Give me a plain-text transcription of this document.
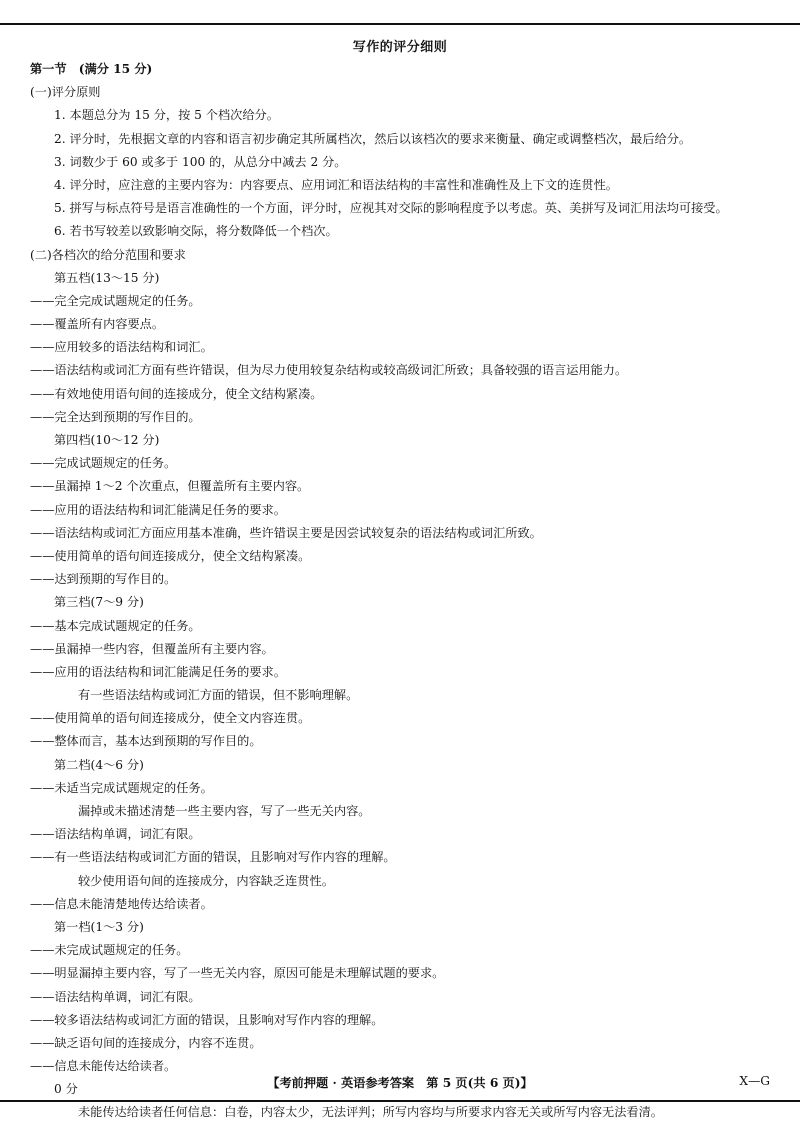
写作的评分细则
第一节　(满分 15 分)
(一)评分原则
1. 本题总分为 15 分，按 5 个档次给分。
2. 评分时，先根据文章的内容和语言初步确定其所属档次，然后以该档次的要求来衡量、确定或调整档次，最后给分。
3. 词数少于 60 或多于 100 的，从总分中减去 2 分。
4. 评分时，应注意的主要内容为：内容要点、应用词汇和语法结构的丰富性和准确性及上下文的连贯性。
5. 拼写与标点符号是语言准确性的一个方面，评分时，应视其对交际的影响程度予以考虑。英、美拼写及词汇用法均可接受。
6. 若书写较差以致影响交际，将分数降低一个档次。
(二)各档次的给分范围和要求
第五档(13～15 分)
——完全完成试题规定的任务。
——覆盖所有内容要点。
——应用较多的语法结构和词汇。
——语法结构或词汇方面有些许错误，但为尽力使用较复杂结构或较高级词汇所致；具备较强的语言运用能力。
——有效地使用语句间的连接成分，使全文结构紧凑。
——完全达到预期的写作目的。
第四档(10～12 分)
——完成试题规定的任务。
——虽漏掉 1～2 个次重点，但覆盖所有主要内容。
——应用的语法结构和词汇能满足任务的要求。
——语法结构或词汇方面应用基本准确，些许错误主要是因尝试较复杂的语法结构或词汇所致。
——使用简单的语句间连接成分，使全文结构紧凑。
——达到预期的写作目的。
第三档(7～9 分)
——基本完成试题规定的任务。
——虽漏掉一些内容，但覆盖所有主要内容。
——应用的语法结构和词汇能满足任务的要求。
有一些语法结构或词汇方面的错误，但不影响理解。
——使用简单的语句间连接成分，使全文内容连贯。
——整体而言，基本达到预期的写作目的。
第二档(4～6 分)
——未适当完成试题规定的任务。
漏掉或未描述清楚一些主要内容，写了一些无关内容。
——语法结构单调，词汇有限。
——有一些语法结构或词汇方面的错误，且影响对写作内容的理解。
较少使用语句间的连接成分，内容缺乏连贯性。
——信息未能清楚地传达给读者。
第一档(1～3 分)
——未完成试题规定的任务。
——明显漏掉主要内容，写了一些无关内容，原因可能是未理解试题的要求。
——语法结构单调，词汇有限。
——较多语法结构或词汇方面的错误，且影响对写作内容的理解。
——缺乏语句间的连接成分，内容不连贯。
——信息未能传达给读者。
0 分
未能传达给读者任何信息：白卷，内容太少，无法评判；所写内容均与所要求内容无关或所写内容无法看清。
【考前押题 · 英语参考答案　第 5 页(共 6 页)】	X—G
